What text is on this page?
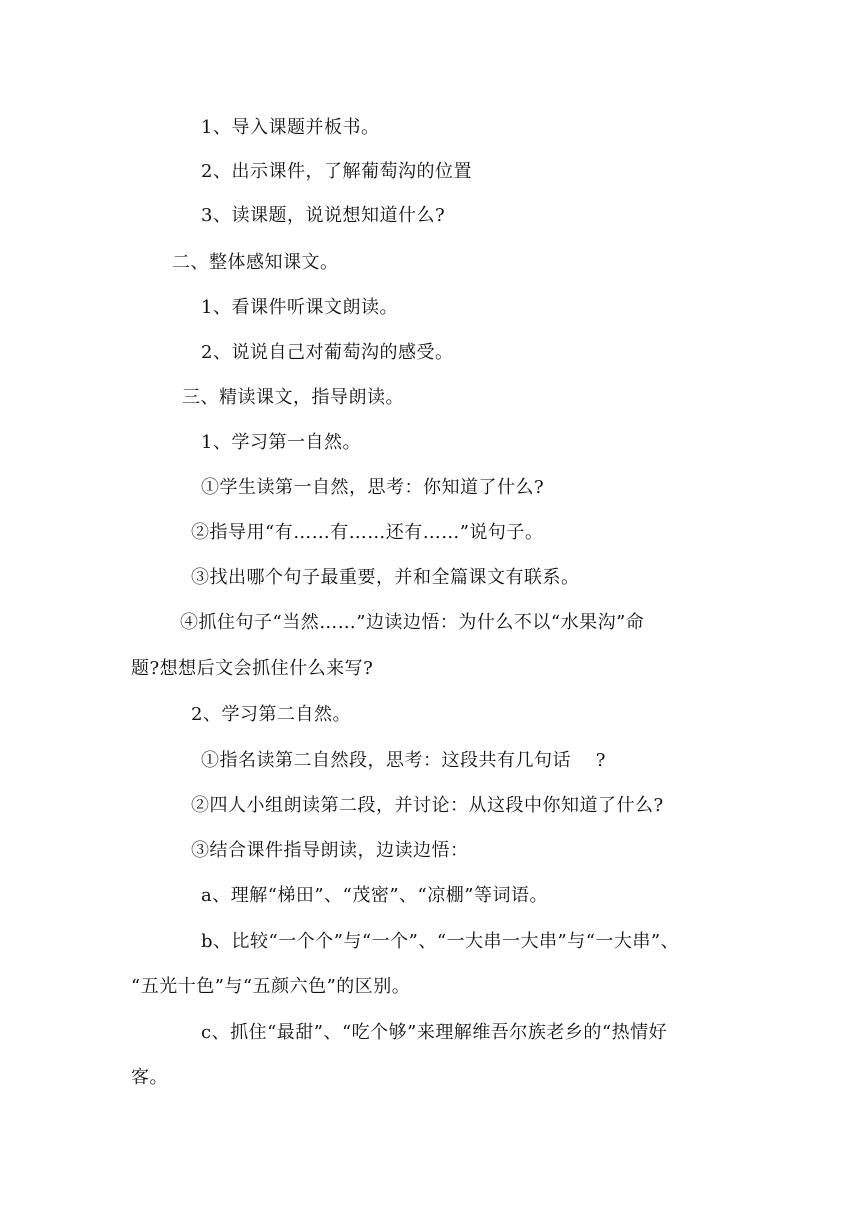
1、导入课题并板书。
2、出示课件，了解葡萄沟的位置
3、读课题，说说想知道什么?
二、整体感知课文。
1、看课件听课文朗读。
2、说说自己对葡萄沟的感受。
三、精读课文，指导朗读。
1、学习第一自然。
①学生读第一自然，思考：你知道了什么?
②指导用“有……有……还有……”说句子。
③找出哪个句子最重要，并和全篇课文有联系。
④抓住句子“当然……”边读边悟：为什么不以“水果沟”命
题?想想后文会抓住什么来写?
2、学习第二自然。
①指名读第二自然段，思考：这段共有几句话　 ?
②四人小组朗读第二段，并讨论：从这段中你知道了什么?
③结合课件指导朗读，边读边悟：
a、理解“梯田”、“茂密”、“凉棚”等词语。
b、比较“一个个”与“一个”、“一大串一大串”与“一大串”、
“五光十色”与“五颜六色”的区别。
c、抓住“最甜”、“吃个够”来理解维吾尔族老乡的“热情好
客。
